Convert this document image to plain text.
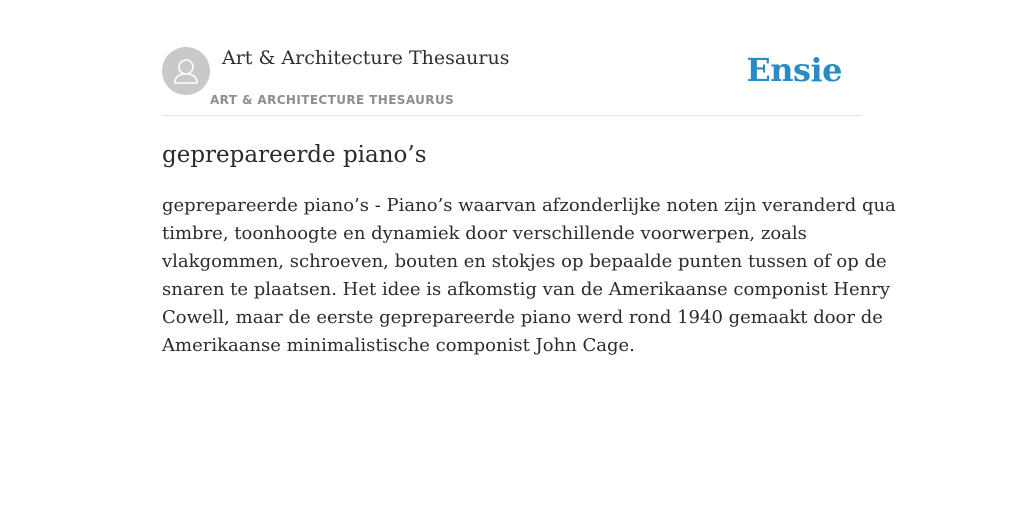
Art & Architecture Thesaurus
ART & ARCHITECTURE THESAURUS
Ensie
geprepareerde piano’s
geprepareerde piano’s - Piano’s waarvan afzonderlijke noten zijn veranderd qua
timbre, toonhoogte en dynamiek door verschillende voorwerpen, zoals
vlakgommen, schroeven, bouten en stokjes op bepaalde punten tussen of op de
snaren te plaatsen. Het idee is afkomstig van de Amerikaanse componist Henry
Cowell, maar de eerste geprepareerde piano werd rond 1940 gemaakt door de
Amerikaanse minimalistische componist John Cage.
